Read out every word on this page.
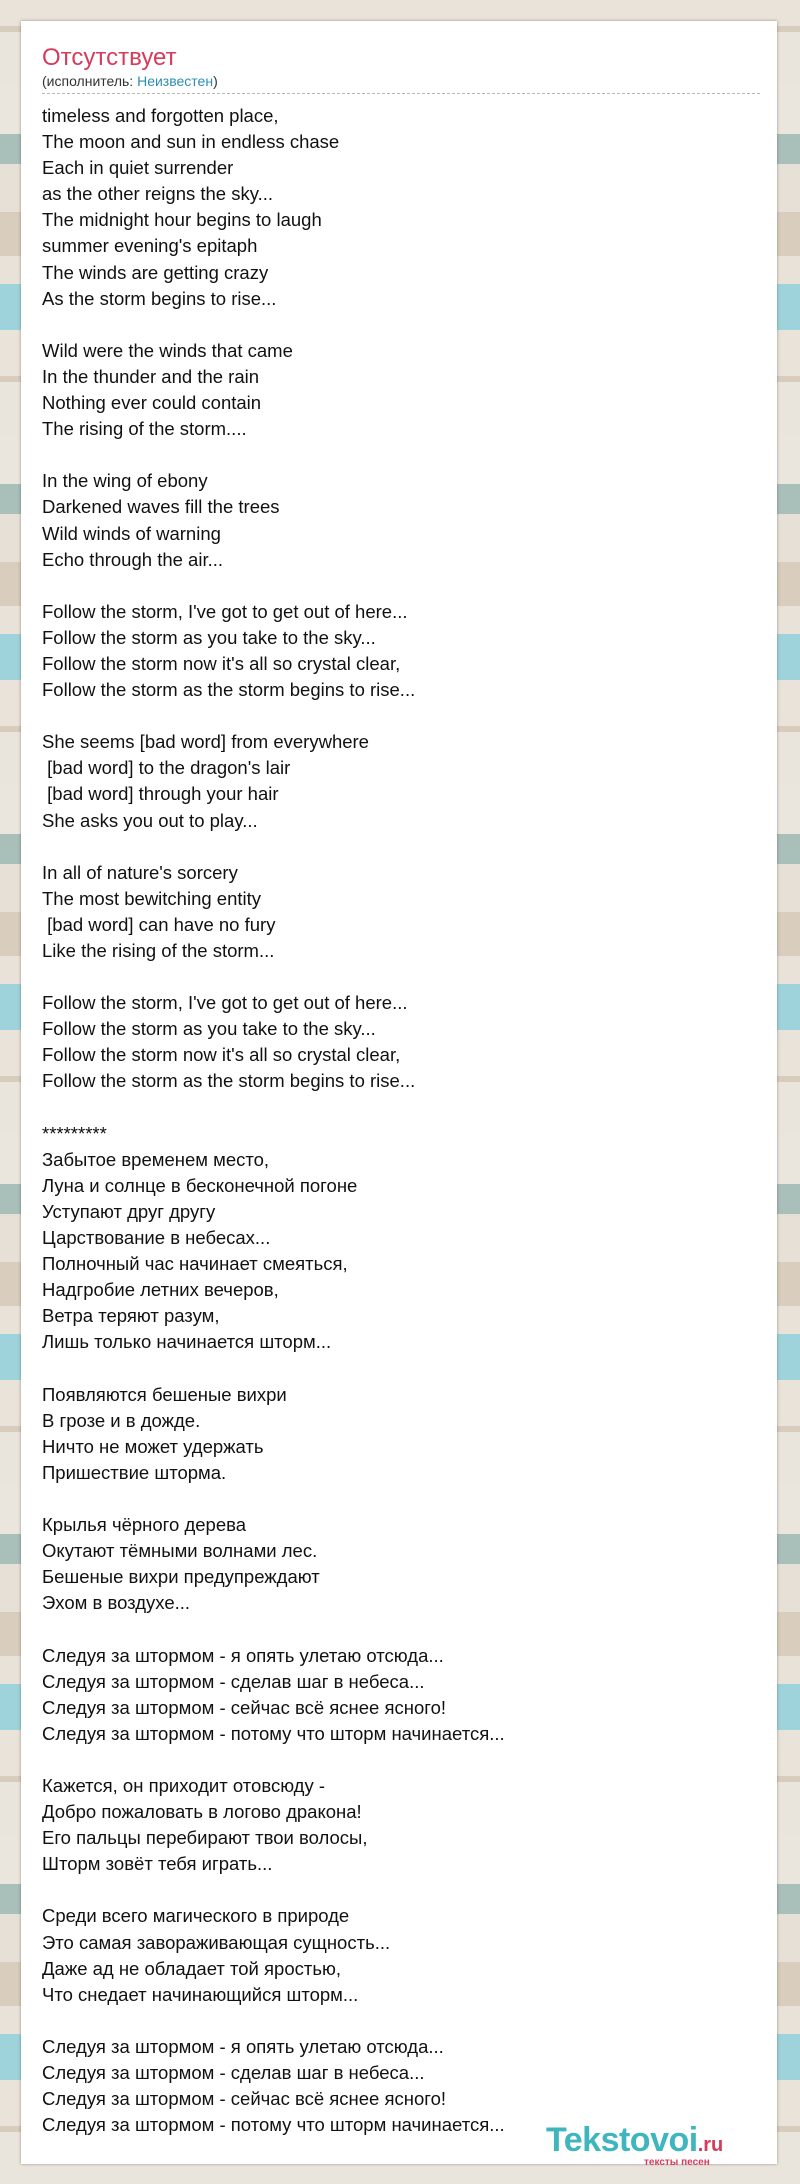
Отсутствует
(исполнитель: Неизвестен)
timeless and forgotten place,
The moon and sun in endless chase
Each in quiet surrender
as the other reigns the sky...
The midnight hour begins to laugh
summer evening's epitaph
The winds are getting crazy
As the storm begins to rise...
Wild were the winds that came
In the thunder and the rain
Nothing ever could contain
The rising of the storm....
In the wing of ebony
Darkened waves fill the trees
Wild winds of warning
Echo through the air...
Follow the storm, I've got to get out of here...
Follow the storm as you take to the sky...
Follow the storm now it's all so crystal clear,
Follow the storm as the storm begins to rise...
She seems [bad word] from everywhere
[bad word] to the dragon's lair
[bad word] through your hair
She asks you out to play...
In all of nature's sorcery
The most bewitching entity
[bad word] can have no fury
Like the rising of the storm...
Follow the storm, I've got to get out of here...
Follow the storm as you take to the sky...
Follow the storm now it's all so crystal clear,
Follow the storm as the storm begins to rise...
*********
Забытое временем место,
Луна и солнце в бесконечной погоне
Уступают друг другу
Царствование в небесах...
Полночный час начинает смеяться,
Надгробие летних вечеров,
Ветра теряют разум,
Лишь только начинается шторм...
Появляются бешеные вихри
В грозе и в дожде.
Ничто не может удержать
Пришествие шторма.
Крылья чёрного дерева
Окутают тёмными волнами лес.
Бешеные вихри предупреждают
Эхом в воздухе...
Следуя за штормом - я опять улетаю отсюда...
Следуя за штормом - сделав шаг в небеса...
Следуя за штормом - сейчас всё яснее ясного!
Следуя за штормом - потому что шторм начинается...
Кажется, он приходит отовсюду -
Добро пожаловать в логово дракона!
Его пальцы перебирают твои волосы,
Шторм зовёт тебя играть...
Среди всего магического в природе
Это самая завораживающая сущность...
Даже ад не обладает той яростью,
Что снедает начинающийся шторм...
Следуя за штормом - я опять улетаю отсюда...
Следуя за штормом - сделав шаг в небеса...
Следуя за штормом - сейчас всё яснее ясного!
Следуя за штормом - потому что шторм начинается...	Tekstovoi.ru
тексты песен
